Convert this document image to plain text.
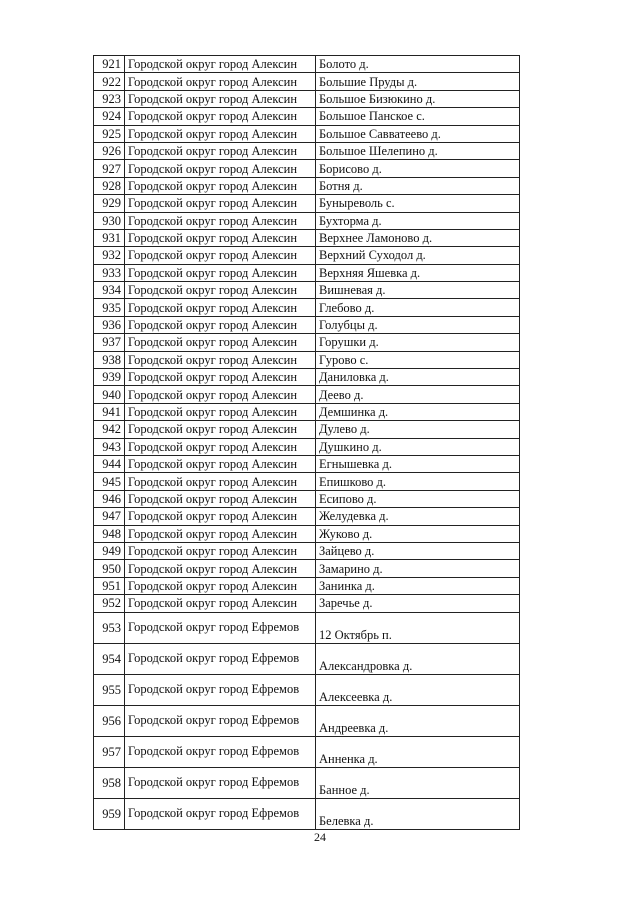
921	Городской округ город Алексин	Болото д.
922	Городской округ город Алексин	Большие Пруды д.
923	Городской округ город Алексин	Большое Бизюкино д.
924	Городской округ город Алексин	Большое Панское с.
925	Городской округ город Алексин	Большое Савватеево д.
926	Городской округ город Алексин	Большое Шелепино д.
927	Городской округ город Алексин	Борисово д.
928	Городской округ город Алексин	Ботня д.
929	Городской округ город Алексин	Буныреволь с.
930	Городской округ город Алексин	Бухторма д.
931	Городской округ город Алексин	Верхнее Ламоново д.
932	Городской округ город Алексин	Верхний Суходол д.
933	Городской округ город Алексин	Верхняя Яшевка д.
934	Городской округ город Алексин	Вишневая д.
935	Городской округ город Алексин	Глебово д.
936	Городской округ город Алексин	Голубцы д.
937	Городской округ город Алексин	Горушки д.
938	Городской округ город Алексин	Гурово с.
939	Городской округ город Алексин	Даниловка д.
940	Городской округ город Алексин	Деево д.
941	Городской округ город Алексин	Демшинка д.
942	Городской округ город Алексин	Дулево д.
943	Городской округ город Алексин	Душкино д.
944	Городской округ город Алексин	Егнышевка д.
945	Городской округ город Алексин	Епишково д.
946	Городской округ город Алексин	Есипово д.
947	Городской округ город Алексин	Желудевка д.
948	Городской округ город Алексин	Жуково д.
949	Городской округ город Алексин	Зайцево д.
950	Городской округ город Алексин	Замарино д.
951	Городской округ город Алексин	Занинка д.
952	Городской округ город Алексин	Заречье д.
953	Городской округ город Ефремов	12 Октябрь п.
954	Городской округ город Ефремов	Александровка д.
955	Городской округ город Ефремов	Алексеевка д.
956	Городской округ город Ефремов	Андреевка д.
957	Городской округ город Ефремов	Анненка д.
958	Городской округ город Ефремов	Банное д.
959	Городской округ город Ефремов	Белевка д.
24
